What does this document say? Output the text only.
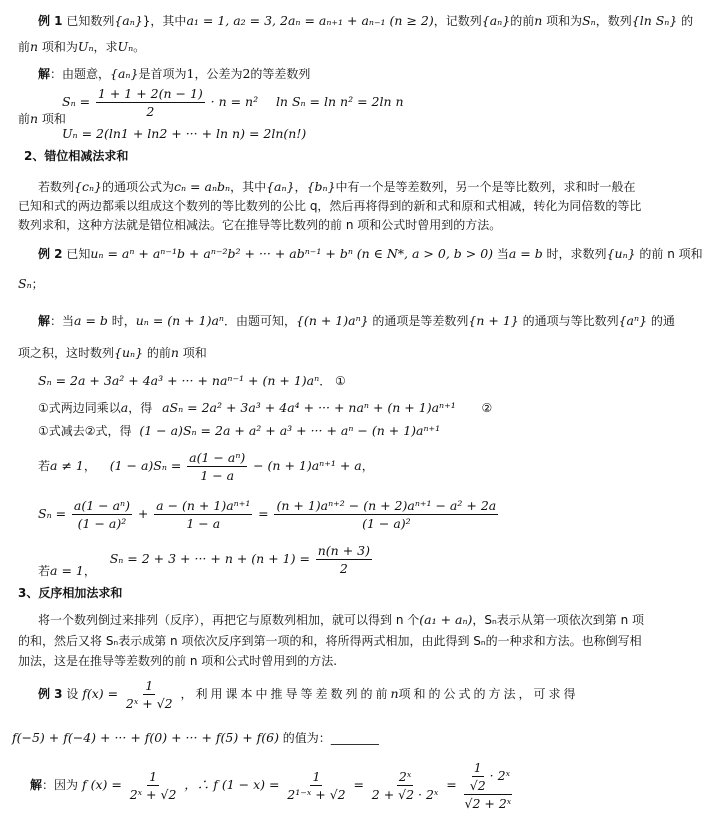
例 1 已知数列{aₙ}}，其中a₁ = 1, a₂ = 3, 2aₙ = aₙ₊₁ + aₙ₋₁ (n ≥ 2)，记数列{aₙ}的前n 项和为Sₙ，数列{ln Sₙ} 的
前n 项和为Uₙ，求Uₙ。
解：由题意，{aₙ}是首项为1，公差为2的等差数列
$S_n = \frac{1 + 1 + 2(n - 1)}{2} \cdot n = n^2$ ln Sₙ = ln n² = 2ln n
前n 项和
Uₙ = 2(ln1 + ln2 + ··· + ln n) = 2ln(n!)
2、错位相减法求和
若数列{cₙ}的通项公式为cₙ = aₙbₙ，其中{aₙ}，{bₙ}中有一个是等差数列，另一个是等比数列，求和时一般在
已知和式的两边都乘以组成这个数列的等比数列的公比 q，然后再将得到的新和式和原和式相减，转化为同倍数的等比
数列求和，这种方法就是错位相减法。它在推导等比数列的前 n 项和公式时曾用到的方法。
例 2 已知uₙ = aⁿ + aⁿ⁻¹b + aⁿ⁻²b² + ··· + abⁿ⁻¹ + bⁿ (n ∈ N*, a > 0, b > 0) 当a = b 时，求数列{uₙ} 的前 n 项和
Sₙ；
解：当a = b 时，uₙ = (n + 1)aⁿ．由题可知，{(n + 1)aⁿ} 的通项是等差数列{n + 1} 的通项与等比数列{aⁿ} 的通
项之积，这时数列{uₙ} 的前n 项和
Sₙ = 2a + 3a² + 4a³ + ··· + naⁿ⁻¹ + (n + 1)aⁿ． ①
①式两边同乘以a，得 aSₙ = 2a² + 3a³ + 4a⁴ + ··· + naⁿ + (n + 1)aⁿ⁺¹ ②
①式减去②式，得 (1 − a)Sₙ = 2a + a² + a³ + ··· + aⁿ − (n + 1)aⁿ⁺¹
若a ≠ 1， $(1 - a)S_n = \frac{\text{a(1 − aⁿ)}}{1 - a} - (n + 1)a^{n+1} + a$，
$S_n = \frac{\text{a(1 − aⁿ)}}{\text{(1 − a)²}} + \frac{\text{a − (n + 1)aⁿ⁺¹}}{1 - a} = \frac{\text{(n + 1)aⁿ⁺² − (n + 2)aⁿ⁺¹ − a² + 2a}}{\text{(1 − a)²}}$
若a = 1， Sₙ = 2 + 3 + ··· + $n + (n + 1) = \frac{n(n + 3)}{2}$
3、反序相加法求和
将一个数列倒过来排列（反序），再把它与原数列相加，就可以得到 n 个(a₁ + aₙ)，Sₙ表示从第一项依次到第 n 项
的和，然后又将 Sₙ表示成第 n 项依次反序到第一项的和，将所得两式相加，由此得到 Sₙ的一种求和方法。也称倒写相
加法，这是在推导等差数列的前 n 项和公式时曾用到的方法.
例 3 设 $f(x) = \frac{1}{\text{2ˣ + √2}}$ ，利用课本中推导等差数列的前n项和的公式的方法，可求得
f(−5) + f(−4) + ··· + f(0) + ··· + f(5) + f(6) 的值为：________
解：因为 f $(x) = \frac{1}{\text{2ˣ + √2}}$ ，∴ f $(1 - x) = \frac{1}{\text{2¹⁻ˣ + √2}} = \frac{\text{2ˣ}}{\text{2 + √2 · 2ˣ}} = \frac{\frac{1}{√2} \cdot 2ˣ}{\text{√2 + 2ˣ}}$
